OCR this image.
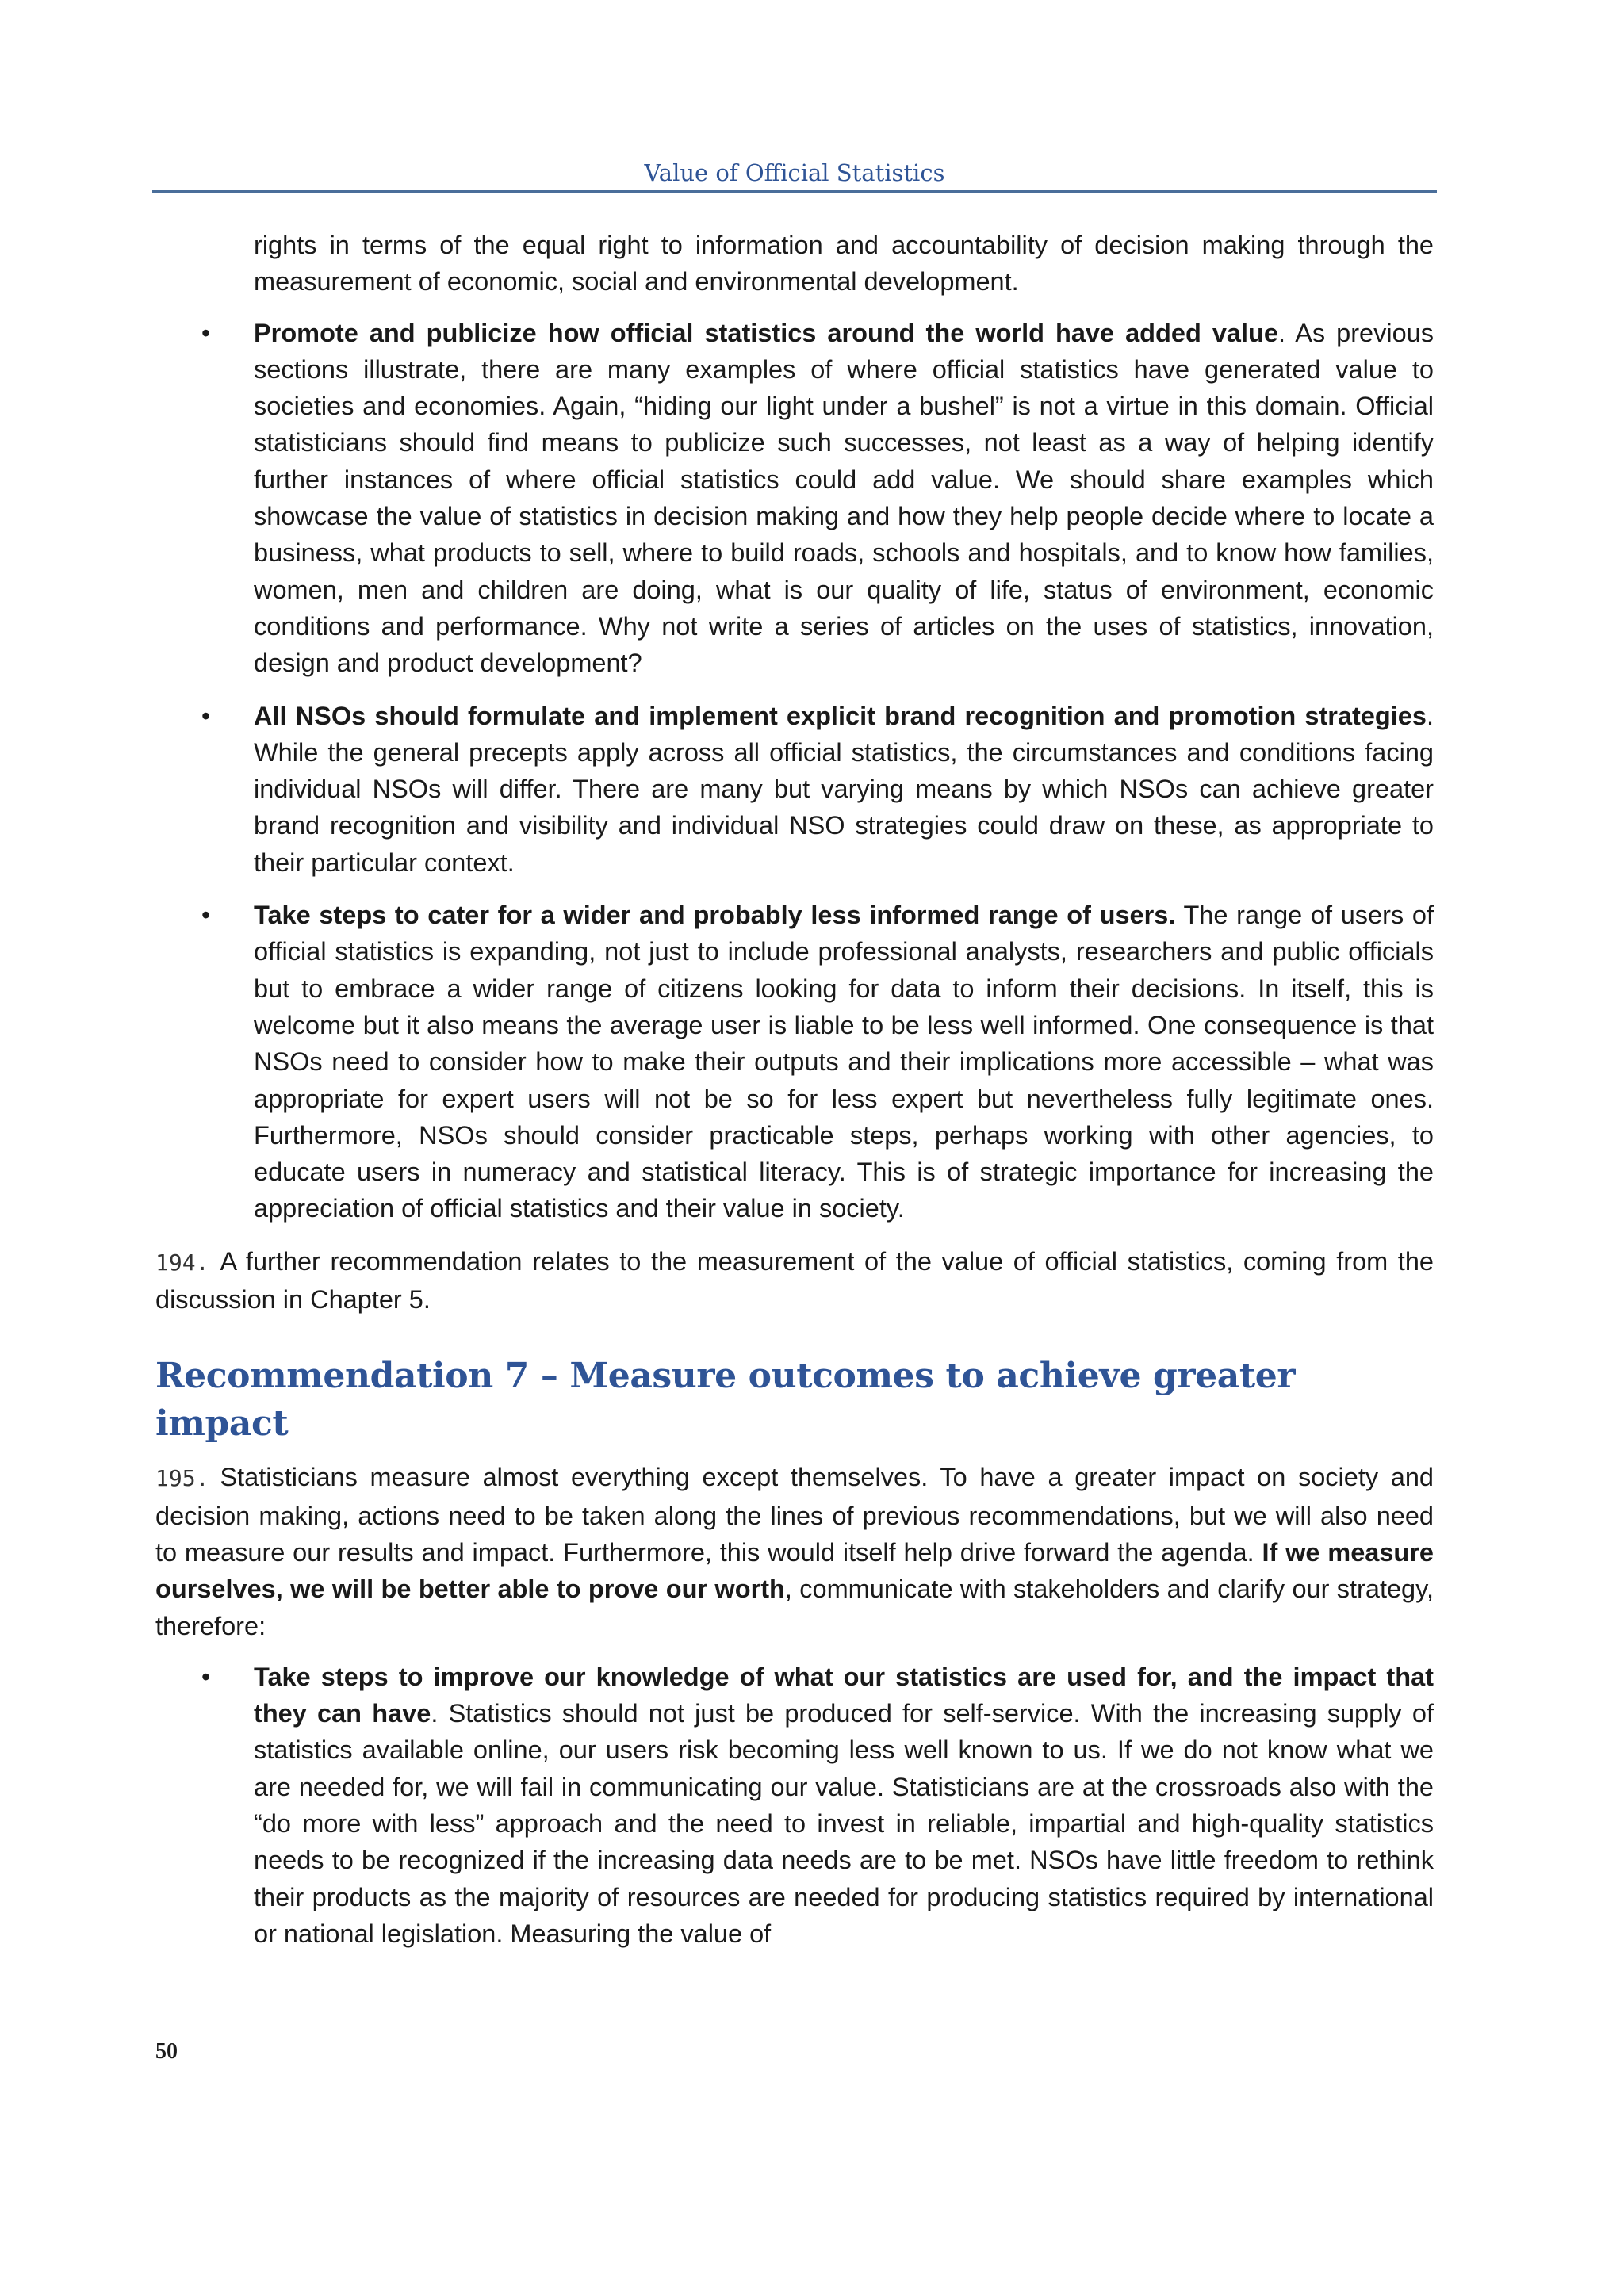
Value of Official Statistics

rights in terms of the equal right to information and accountability of decision making through the measurement of economic, social and environmental development.

• Promote and publicize how official statistics around the world have added value. As previous sections illustrate, there are many examples of where official statistics have generated value to societies and economies. Again, “hiding our light under a bushel” is not a virtue in this domain. Official statisticians should find means to publicize such successes, not least as a way of helping identify further instances of where official statistics could add value. We should share examples which showcase the value of statistics in decision making and how they help people decide where to locate a business, what products to sell, where to build roads, schools and hospitals, and to know how families, women, men and children are doing, what is our quality of life, status of environment, economic conditions and performance. Why not write a series of articles on the uses of statistics, innovation, design and product development?
• All NSOs should formulate and implement explicit brand recognition and promotion strategies. While the general precepts apply across all official statistics, the circumstances and conditions facing individual NSOs will differ. There are many but varying means by which NSOs can achieve greater brand recognition and visibility and individual NSO strategies could draw on these, as appropriate to their particular context.
• Take steps to cater for a wider and probably less informed range of users. The range of users of official statistics is expanding, not just to include professional analysts, researchers and public officials but to embrace a wider range of citizens looking for data to inform their decisions. In itself, this is welcome but it also means the average user is liable to be less well informed. One consequence is that NSOs need to consider how to make their outputs and their implications more accessible – what was appropriate for expert users will not be so for less expert but nevertheless fully legitimate ones. Furthermore, NSOs should consider practicable steps, perhaps working with other agencies, to educate users in numeracy and statistical literacy. This is of strategic importance for increasing the appreciation of official statistics and their value in society.

194. A further recommendation relates to the measurement of the value of official statistics, coming from the discussion in Chapter 5.

Recommendation 7 – Measure outcomes to achieve greater impact

195. Statisticians measure almost everything except themselves. To have a greater impact on society and decision making, actions need to be taken along the lines of previous recommendations, but we will also need to measure our results and impact. Furthermore, this would itself help drive forward the agenda. If we measure ourselves, we will be better able to prove our worth, communicate with stakeholders and clarify our strategy, therefore:

• Take steps to improve our knowledge of what our statistics are used for, and the impact that they can have. Statistics should not just be produced for self-service. With the increasing supply of statistics available online, our users risk becoming less well known to us. If we do not know what we are needed for, we will fail in communicating our value. Statisticians are at the crossroads also with the “do more with less” approach and the need to invest in reliable, impartial and high-quality statistics needs to be recognized if the increasing data needs are to be met. NSOs have little freedom to rethink their products as the majority of resources are needed for producing statistics required by international or national legislation. Measuring the value of
50
